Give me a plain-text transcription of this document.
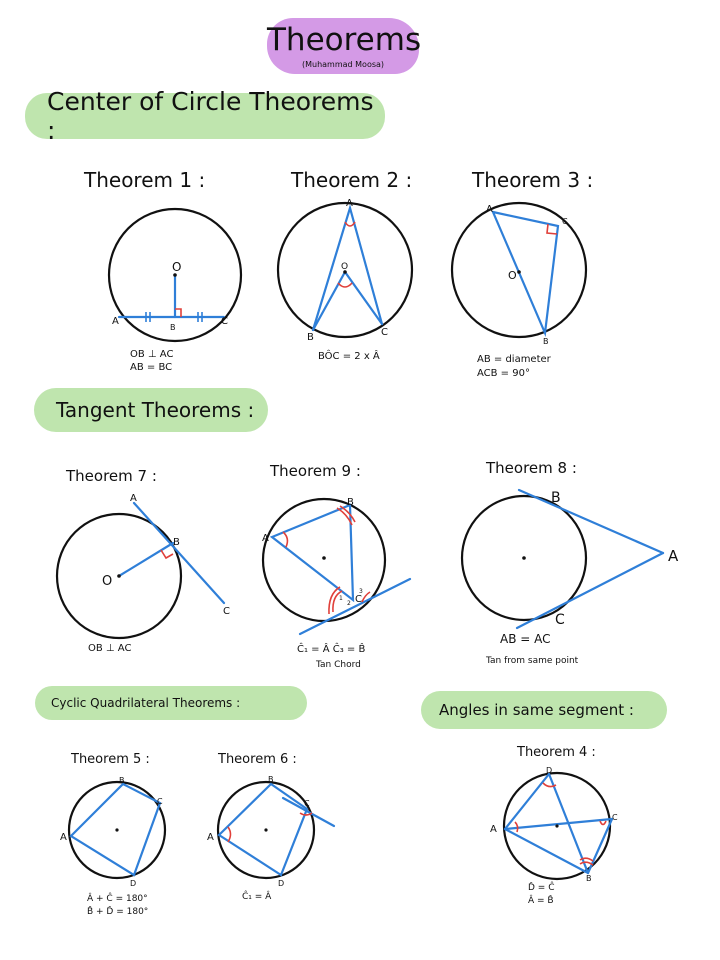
Theorems
(Muhammad Moosa)
Center of Circle Theorems :
Tangent Theorems :
Cyclic Quadrilateral Theorems :	Angles in same segment :
Theorem 1 :	Theorem 2 :	Theorem 3 :
Theorem 7 :	Theorem 9 :	Theorem 8 :
Theorem 5 :	Theorem 6 :	Theorem 4 :
OB ⊥ AC
AB = BC
BÔC = 2 x Â	AB = diameter
ACB = 90°
OB ⊥ AC	Ĉ₁ = Â Ĉ₃ = B̂
Tan Chord
AB = AC
Tan from same point
Â + Ĉ = 180°
B̂ + D̂ = 180°
Ĉ₁ = Â
D̂ = Ĉ
Â = B̂
O
A
B
C
A
O
B	C
A
C
O
B
A
B
O
C
A
B
C
1
2
3
B
A
C
A
B
C
D
A
B
C
D
A
D
C
B
